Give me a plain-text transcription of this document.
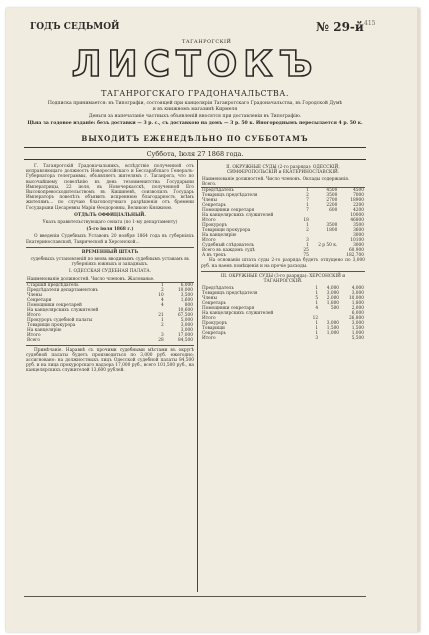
ГОДЪ СЕДЬМОЙ	№ 29-й 415
ТАГАНРОГСКIЙ
ЛИСТОКЪ
ТАГАНРОГСКАГО ГРАДОНАЧАЛЬСТВА.
Подписка принимается: въ Типографiи, состоящей при канцелярiи Таганрогскаго Градоначальства, въ Городской Думѣ
и въ книжномъ магазинѣ Кирмеля
Деньги за напечатанiе частныхъ объявленiй вносятся при доставленiи въ Типографiю.
Цѣна за годовое изданiе: безъ доставки — 3 р. с., съ доставкою на домъ — 3 р. 50 к. Иногороднымъ пересылается 4 р. 50 к.
ВЫХОДИТЪ ЕЖЕНЕДѢЛЬНО ПО СУББОТАМЪ
Суббота, Iюля 27 1868 года.
Г. Таганрогскiй Градоначальникъ, вслѣдствiе полученной отъ исправляющаго должность Новороссiйскаго и Бессарабскаго Генералъ-Губернатора телеграммы, объявляетъ жителямъ г. Таганрога, что по высочайшему повелѣнiю въ день тезоименитства Государыни Императрицы, 22 iюля, въ Новочеркасскѣ, полученной Его Высокопревосходительствомъ въ Кишиневѣ, соизволилъ Государь Императоръ повелѣть объявить искреннюю благодарность всѣмъ жителямъ... по случаю благополучнаго разрѣшенiя отъ бремени Государыни Цесаревны Марiи Ѳеодоровны, Великою Княжною.
ОТДѢЛЪ ОФФИЦIАЛЬНЫЙ.
Указъ правительствующаго сената (по 1-му департаменту)
(5-го iюля 1868 г.)
О введенiи Судебныхъ Уставовъ 20 ноября 1864 года въ губернiяхъ Екатеринославской, Таврической и Херсонской...
ВРЕМЕННЫЙ ШТАТЪ
судебныхъ установленiй по вновь вводимымъ судебнымъ уставамъ въ губернiяхъ южныхъ и западныхъ.
I. ОДЕССКАЯ СУДЕБНАЯ ПАЛАТА.
Наименованiе должностей. Число членовъ. Жалованье.
Старшiй предсѣдатель	1	6,000
Предсѣдатели департаментовъ	2	10,000
Члены	10	3,500
Секретари	4	1,600
Помощники секретарей	4	800
На канцелярскихъ служителей		10,600
Итого	21	67,500

Прокуроръ судебной палаты	1	5,000
Товарищи прокурора	2	3,000
На канцелярiю		3,000
Итого	3	17,000

Всего	28	84,500

Примѣчанiе. Наравнѣ съ прочими судебными мѣстами въ округѣ судебной палаты будетъ производиться по 3,000 руб. ежегодно; ассигновано: на должностныхъ лицъ Одесской судебной палаты 84,500 руб. и на лица прокурорскаго надзора 17,000 руб., всего 101,500 руб., на канцелярскихъ служителей 13,600 рублей.
II. ОКРУЖНЫЕ СУДЫ (2-го разряда): ОДЕССКIЙ, СИМФЕРОПОЛЬСКIЙ и ЕКАТЕРИНОСЛАВСКIЙ.
Наименованiе должностей. Число членовъ. Оклады содержанiя. Всего.
Предсѣдатель	1	4500	4500
Товарищъ предсѣдателя	2	3500	7000
Члены	7	2700	18900
Секретарь	1	2200	2200
Помощники секретаря	7	600	4200
На канцелярскихъ служителей			10000
Итого	18		46800
Прокуроръ	1	3500	3500
Товарищи прокурора	2	1800	3600
На канцелярiю			3000
Итого	3		10100
Судебный слѣдователь	1	2 р 50 к.	3000
Всего въ каждомъ судѣ	25		60,900
А въ трехъ	75		182,700
На основанiи штата суды 2-го разряда будетъ отпущено по 3,000 руб. на наемъ помѣщенiя и на прочiе расходы.
III. ОКРУЖНЫЕ СУДЫ (3-го разряда): ХЕРСОНСКIЙ и ТАГАНРОГСКIЙ.
Предсѣдатель	1	4,000	4,000
Товарищъ предсѣдателя	1	3,000	3,000
Члены	5	2,000	10,000
Секретарь	1	1,800	1,800
Помощники секретаря	4	500	2,000
На канцелярскихъ служителей			6,000
Итого	12		26,800

Прокуроръ	1	3,000	3,000
Товарищи	1	1,500	1,500
Секретарь	1	1,000	1,000
Итого	3		5,500
